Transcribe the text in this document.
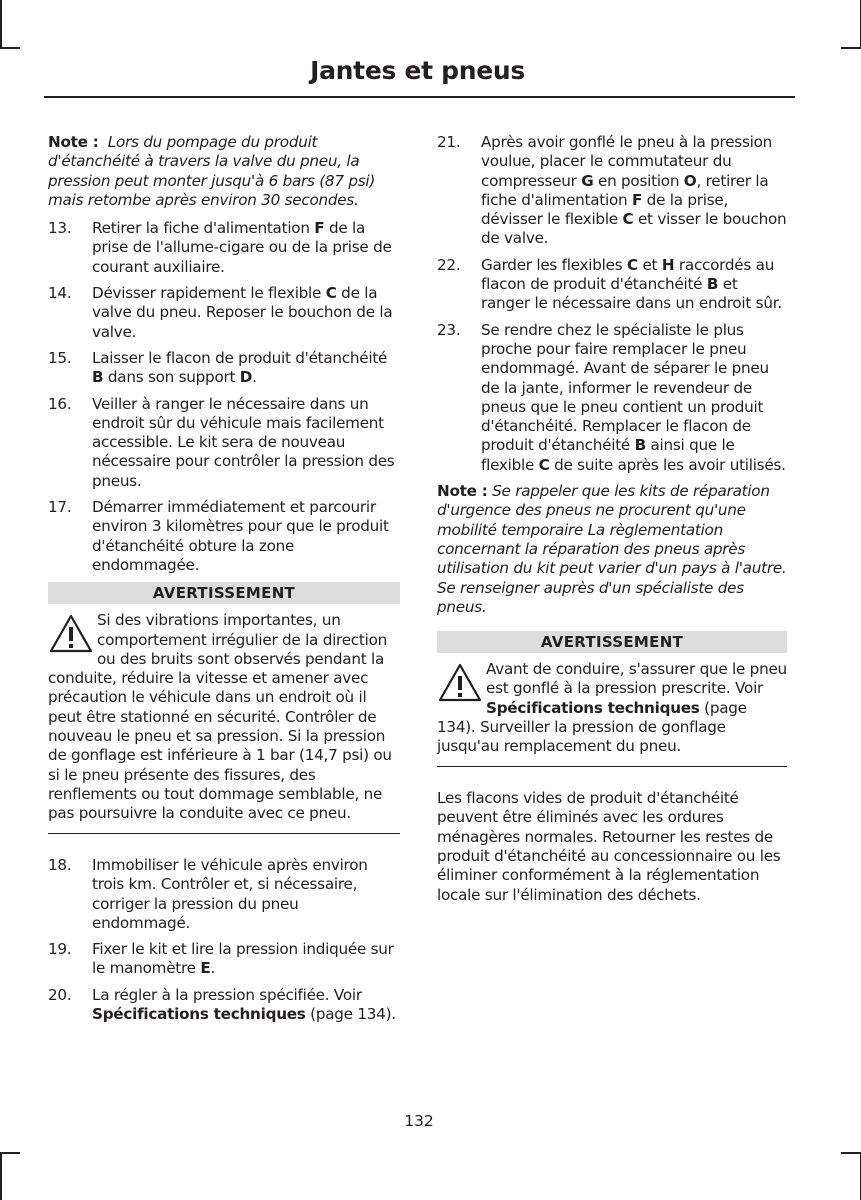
Jantes et pneus

Note : Lors du pompage du produit d'étanchéité à travers la valve du pneu, la pression peut monter jusqu'à 6 bars (87 psi) mais retombe après environ 30 secondes.

13.	Retirer la fiche d'alimentation F de la prise de l'allume-cigare ou de la prise de courant auxiliaire.
14.	Dévisser rapidement le flexible C de la valve du pneu. Reposer le bouchon de la valve.
15.	Laisser le flacon de produit d'étanchéité B dans son support D.
16.	Veiller à ranger le nécessaire dans un endroit sûr du véhicule mais facilement accessible. Le kit sera de nouveau nécessaire pour contrôler la pression des pneus.
17.	Démarrer immédiatement et parcourir environ 3 kilomètres pour que le produit d'étanchéité obture la zone endommagée.
AVERTISSEMENT

Si des vibrations importantes, un comportement irrégulier de la direction ou des bruits sont observés pendant la conduite, réduire la vitesse et amener avec précaution le véhicule dans un endroit où il peut être stationné en sécurité. Contrôler de nouveau le pneu et sa pression. Si la pression de gonflage est inférieure à 1 bar (14,7 psi) ou si le pneu présente des fissures, des renflements ou tout dommage semblable, ne pas poursuivre la conduite avec ce pneu.

18.	Immobiliser le véhicule après environ trois km. Contrôler et, si nécessaire, corriger la pression du pneu endommagé.
19.	Fixer le kit et lire la pression indiquée sur le manomètre E.
20.	La régler à la pression spécifiée. Voir Spécifications techniques (page 134).
21.	Après avoir gonflé le pneu à la pression voulue, placer le commutateur du compresseur G en position O, retirer la fiche d'alimentation F de la prise, dévisser le flexible C et visser le bouchon de valve.
22.	Garder les flexibles C et H raccordés au flacon de produit d'étanchéité B et ranger le nécessaire dans un endroit sûr.
23.	Se rendre chez le spécialiste le plus proche pour faire remplacer le pneu endommagé. Avant de séparer le pneu de la jante, informer le revendeur de pneus que le pneu contient un produit d'étanchéité. Remplacer le flacon de produit d'étanchéité B ainsi que le flexible C de suite après les avoir utilisés.

Note : Se rappeler que les kits de réparation d'urgence des pneus ne procurent qu'une mobilité temporaire La règlementation concernant la réparation des pneus après utilisation du kit peut varier d'un pays à l'autre. Se renseigner auprès d'un spécialiste des pneus.

AVERTISSEMENT

Avant de conduire, s'assurer que le pneu est gonflé à la pression prescrite. Voir Spécifications techniques (page 134). Surveiller la pression de gonflage jusqu'au remplacement du pneu.

Les flacons vides de produit d'étanchéité peuvent être éliminés avec les ordures ménagères normales. Retourner les restes de produit d'étanchéité au concessionnaire ou les éliminer conformément à la réglementation locale sur l'élimination des déchets.

132
